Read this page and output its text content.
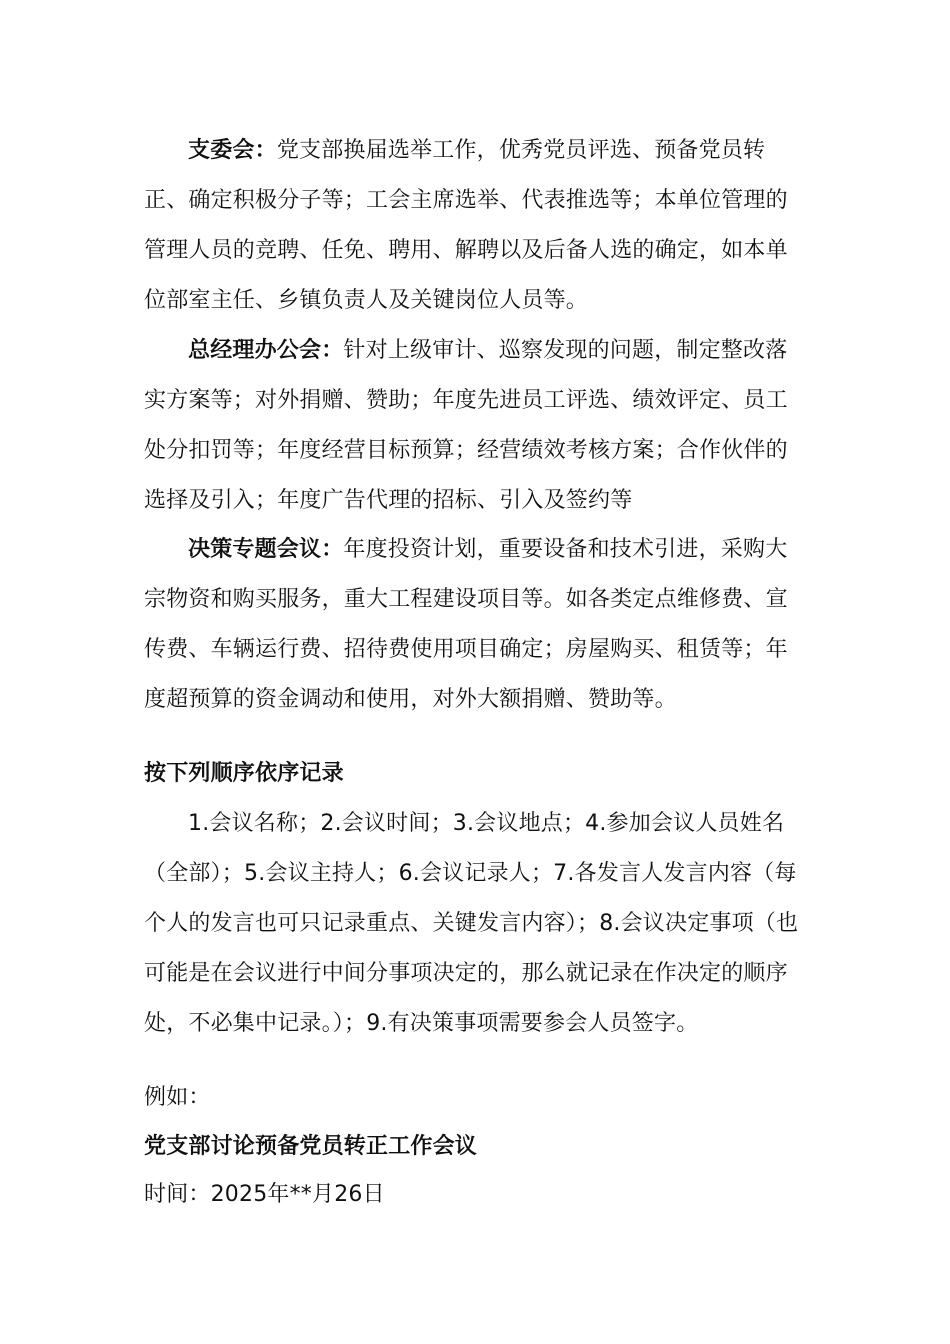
支委会：党支部换届选举工作，优秀党员评选、预备党员转正、确定积极分子等；工会主席选举、代表推选等；本单位管理的管理人员的竞聘、任免、聘用、解聘以及后备人选的确定，如本单位部室主任、乡镇负责人及关键岗位人员等。

总经理办公会：针对上级审计、巡察发现的问题，制定整改落实方案等；对外捐赠、赞助；年度先进员工评选、绩效评定、员工处分扣罚等；年度经营目标预算；经营绩效考核方案；合作伙伴的选择及引入；年度广告代理的招标、引入及签约等

决策专题会议：年度投资计划，重要设备和技术引进，采购大宗物资和购买服务，重大工程建设项目等。如各类定点维修费、宣传费、车辆运行费、招待费使用项目确定；房屋购买、租赁等；年度超预算的资金调动和使用，对外大额捐赠、赞助等。

按下列顺序依序记录

1.会议名称；2.会议时间；3.会议地点；4.参加会议人员姓名（全部）；5.会议主持人；6.会议记录人；7.各发言人发言内容（每个人的发言也可只记录重点、关键发言内容）；8.会议决定事项（也可能是在会议进行中间分事项决定的，那么就记录在作决定的顺序处，不必集中记录。）；9.有决策事项需要参会人员签字。

例如：
党支部讨论预备党员转正工作会议
时间：2025年**月26日
